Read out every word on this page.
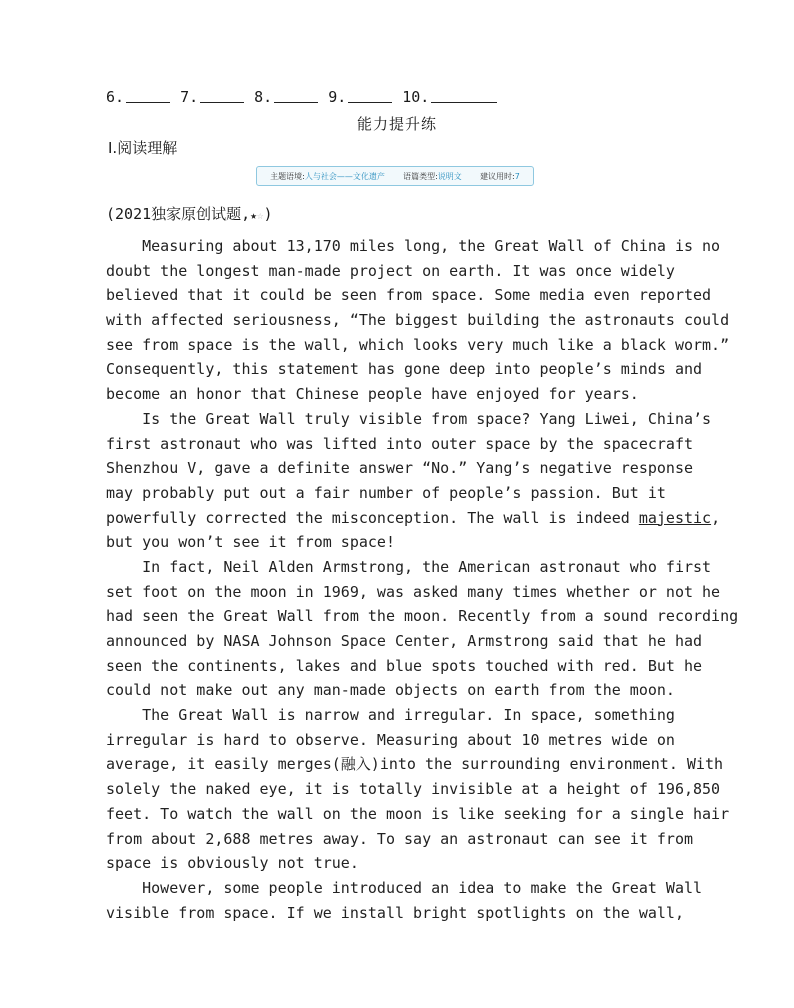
6.	7.	8.	9.	10.
能力提升练
Ⅰ.阅读理解
主题语境:人与社会——文化遗产 语篇类型:说明文 建议用时:7
(2021独家原创试题,★☆)
Measuring about 13,170 miles long, the Great Wall of China is no
doubt the longest man-made project on earth. It was once widely
believed that it could be seen from space. Some media even reported
with affected seriousness, “The biggest building the astronauts could
see from space is the wall, which looks very much like a black worm.”
Consequently, this statement has gone deep into people’s minds and
become an honor that Chinese people have enjoyed for years.
Is the Great Wall truly visible from space? Yang Liwei, China’s
first astronaut who was lifted into outer space by the spacecraft
Shenzhou V, gave a definite answer “No.” Yang’s negative response
may probably put out a fair number of people’s passion. But it
powerfully corrected the misconception. The wall is indeed majestic,
but you won’t see it from space!
In fact, Neil Alden Armstrong, the American astronaut who first
set foot on the moon in 1969, was asked many times whether or not he
had seen the Great Wall from the moon. Recently from a sound recording
announced by NASA Johnson Space Center, Armstrong said that he had
seen the continents, lakes and blue spots touched with red. But he
could not make out any man-made objects on earth from the moon.
The Great Wall is narrow and irregular. In space, something
irregular is hard to observe. Measuring about 10 metres wide on
average, it easily merges(融入)into the surrounding environment. With
solely the naked eye, it is totally invisible at a height of 196,850
feet. To watch the wall on the moon is like seeking for a single hair
from about 2,688 metres away. To say an astronaut can see it from
space is obviously not true.
However, some people introduced an idea to make the Great Wall
visible from space. If we install bright spotlights on the wall,
